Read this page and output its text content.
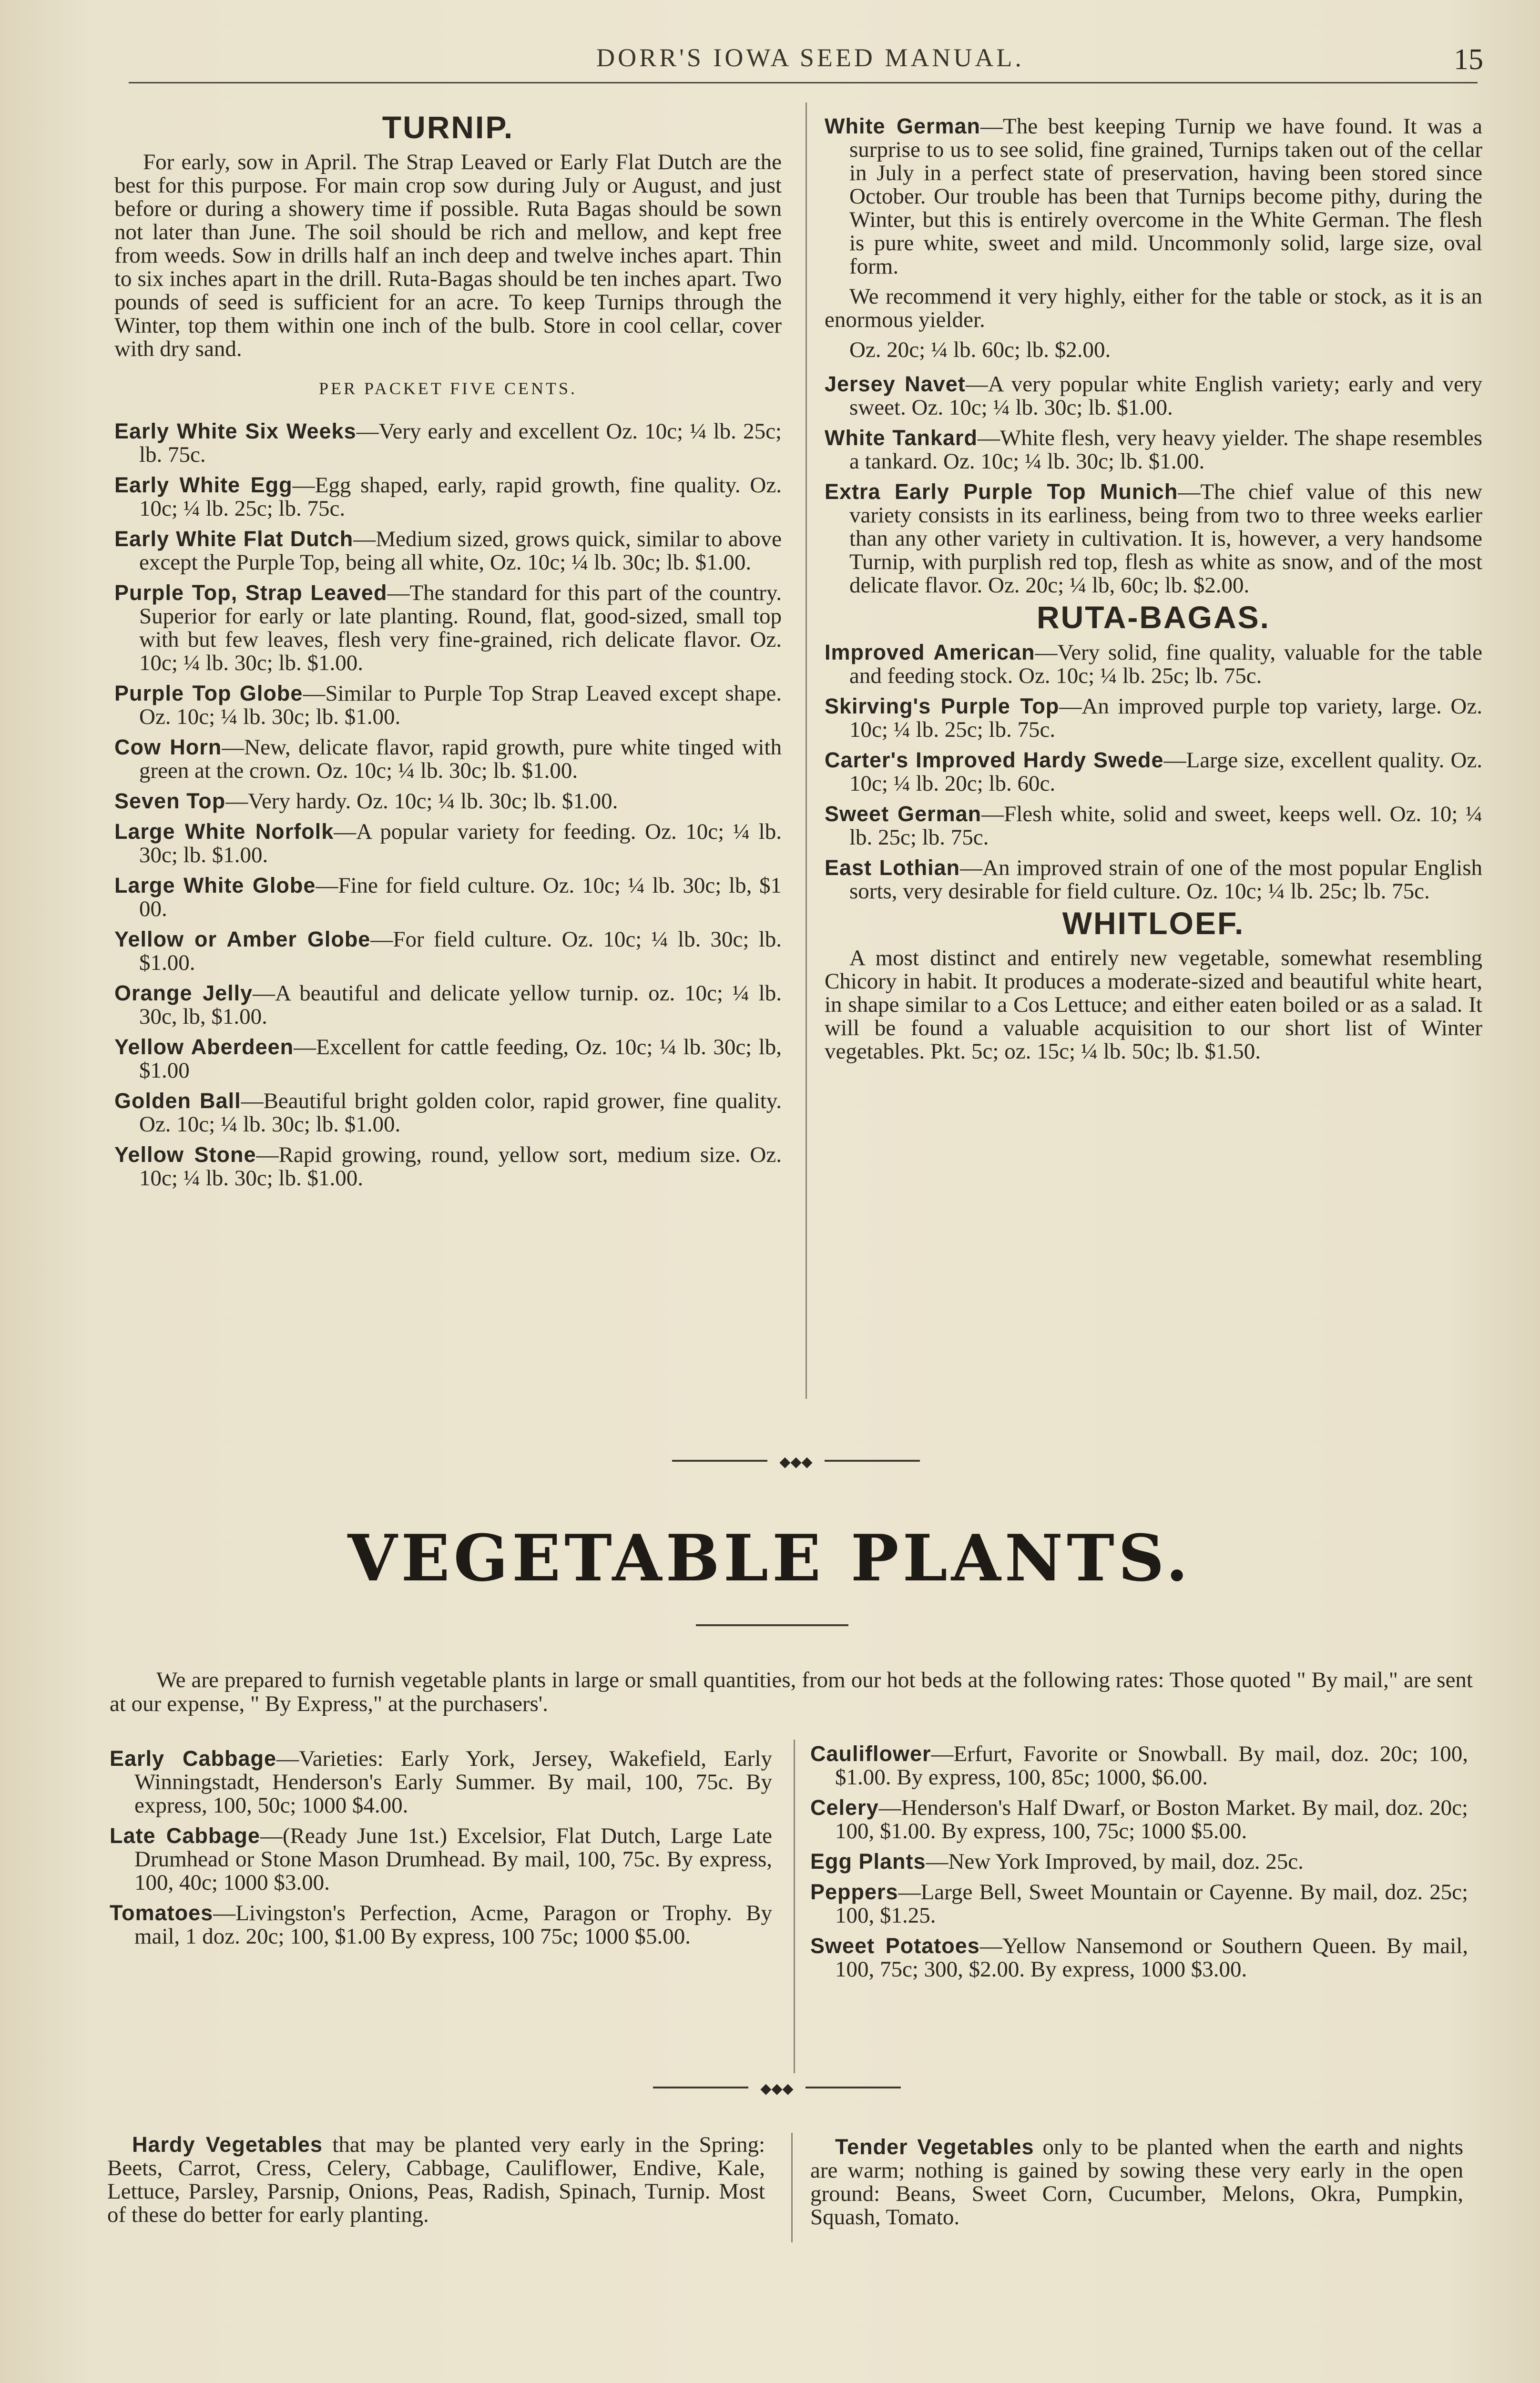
DORR'S IOWA SEED MANUAL.	15
TURNIP.

For early, sow in April. The Strap Leaved or Early Flat Dutch are the best for this purpose. For main crop sow during July or August, and just before or during a showery time if possible. Ruta Bagas should be sown not later than June. The soil should be rich and mellow, and kept free from weeds. Sow in drills half an inch deep and twelve inches apart. Thin to six inches apart in the drill. Ruta-Bagas should be ten inches apart. Two pounds of seed is sufficient for an acre. To keep Turnips through the Winter, top them within one inch of the bulb. Store in cool cellar, cover with dry sand.

PER PACKET FIVE CENTS.

Early White Six Weeks—Very early and excellent Oz. 10c; ¼ lb. 25c; lb. 75c.

Early White Egg—Egg shaped, early, rapid growth, fine quality. Oz. 10c; ¼ lb. 25c; lb. 75c.

Early White Flat Dutch—Medium sized, grows quick, similar to above except the Purple Top, being all white, Oz. 10c; ¼ lb. 30c; lb. $1.00.

Purple Top, Strap Leaved—The standard for this part of the country. Superior for early or late planting. Round, flat, good-sized, small top with but few leaves, flesh very fine-grained, rich delicate flavor. Oz. 10c; ¼ lb. 30c; lb. $1.00.

Purple Top Globe—Similar to Purple Top Strap Leaved except shape. Oz. 10c; ¼ lb. 30c; lb. $1.00.

Cow Horn—New, delicate flavor, rapid growth, pure white tinged with green at the crown. Oz. 10c; ¼ lb. 30c; lb. $1.00.

Seven Top—Very hardy. Oz. 10c; ¼ lb. 30c; lb. $1.00.

Large White Norfolk—A popular variety for feeding. Oz. 10c; ¼ lb. 30c; lb. $1.00.

Large White Globe—Fine for field culture. Oz. 10c; ¼ lb. 30c; lb, $1 00.

Yellow or Amber Globe—For field culture. Oz. 10c; ¼ lb. 30c; lb. $1.00.

Orange Jelly—A beautiful and delicate yellow turnip. oz. 10c; ¼ lb. 30c, lb, $1.00.

Yellow Aberdeen—Excellent for cattle feeding, Oz. 10c; ¼ lb. 30c; lb, $1.00

Golden Ball—Beautiful bright golden color, rapid grower, fine quality. Oz. 10c; ¼ lb. 30c; lb. $1.00.

Yellow Stone—Rapid growing, round, yellow sort, medium size. Oz. 10c; ¼ lb. 30c; lb. $1.00.

White German—The best keeping Turnip we have found. It was a surprise to us to see solid, fine grained, Turnips taken out of the cellar in July in a perfect state of preservation, having been stored since October. Our trouble has been that Turnips become pithy, during the Winter, but this is entirely overcome in the White German. The flesh is pure white, sweet and mild. Uncommonly solid, large size, oval form.

We recommend it very highly, either for the table or stock, as it is an enormous yielder.

Oz. 20c; ¼ lb. 60c; lb. $2.00.

Jersey Navet—A very popular white English variety; early and very sweet. Oz. 10c; ¼ lb. 30c; lb. $1.00.

White Tankard—White flesh, very heavy yielder. The shape resembles a tankard. Oz. 10c; ¼ lb. 30c; lb. $1.00.

Extra Early Purple Top Munich—The chief value of this new variety consists in its earliness, being from two to three weeks earlier than any other variety in cultivation. It is, however, a very handsome Turnip, with purplish red top, flesh as white as snow, and of the most delicate flavor. Oz. 20c; ¼ lb, 60c; lb. $2.00.

RUTA-BAGAS.

Improved American—Very solid, fine quality, valuable for the table and feeding stock. Oz. 10c; ¼ lb. 25c; lb. 75c.

Skirving's Purple Top—An improved purple top variety, large. Oz. 10c; ¼ lb. 25c; lb. 75c.

Carter's Improved Hardy Swede—Large size, excellent quality. Oz. 10c; ¼ lb. 20c; lb. 60c.

Sweet German—Flesh white, solid and sweet, keeps well. Oz. 10; ¼ lb. 25c; lb. 75c.

East Lothian—An improved strain of one of the most popular English sorts, very desirable for field culture. Oz. 10c; ¼ lb. 25c; lb. 75c.

WHITLOEF.

A most distinct and entirely new vegetable, somewhat resembling Chicory in habit. It produces a moderate-sized and beautiful white heart, in shape similar to a Cos Lettuce; and either eaten boiled or as a salad. It will be found a valuable acquisition to our short list of Winter vegetables. Pkt. 5c; oz. 15c; ¼ lb. 50c; lb. $1.50.

◆◆◆
VEGETABLE PLANTS.
We are prepared to furnish vegetable plants in large or small quantities, from our hot beds at the following rates: Those quoted " By mail," are sent at our expense, " By Express," at the purchasers'.

Early Cabbage—Varieties: Early York, Jersey, Wakefield, Early Winningstadt, Henderson's Early Summer. By mail, 100, 75c. By express, 100, 50c; 1000 $4.00.

Late Cabbage—(Ready June 1st.) Excelsior, Flat Dutch, Large Late Drumhead or Stone Mason Drumhead. By mail, 100, 75c. By express, 100, 40c; 1000 $3.00.

Tomatoes—Livingston's Perfection, Acme, Paragon or Trophy. By mail, 1 doz. 20c; 100, $1.00 By express, 100 75c; 1000 $5.00.

Cauliflower—Erfurt, Favorite or Snowball. By mail, doz. 20c; 100, $1.00. By express, 100, 85c; 1000, $6.00.

Celery—Henderson's Half Dwarf, or Boston Market. By mail, doz. 20c; 100, $1.00. By express, 100, 75c; 1000 $5.00.

Egg Plants—New York Improved, by mail, doz. 25c.

Peppers—Large Bell, Sweet Mountain or Cayenne. By mail, doz. 25c; 100, $1.25.

Sweet Potatoes—Yellow Nansemond or Southern Queen. By mail, 100, 75c; 300, $2.00. By express, 1000 $3.00.

◆◆◆

Hardy Vegetables that may be planted very early in the Spring: Beets, Carrot, Cress, Celery, Cabbage, Cauliflower, Endive, Kale, Lettuce, Parsley, Parsnip, Onions, Peas, Radish, Spinach, Turnip. Most of these do better for early planting.

Tender Vegetables only to be planted when the earth and nights are warm; nothing is gained by sowing these very early in the open ground: Beans, Sweet Corn, Cucumber, Melons, Okra, Pumpkin, Squash, Tomato.
